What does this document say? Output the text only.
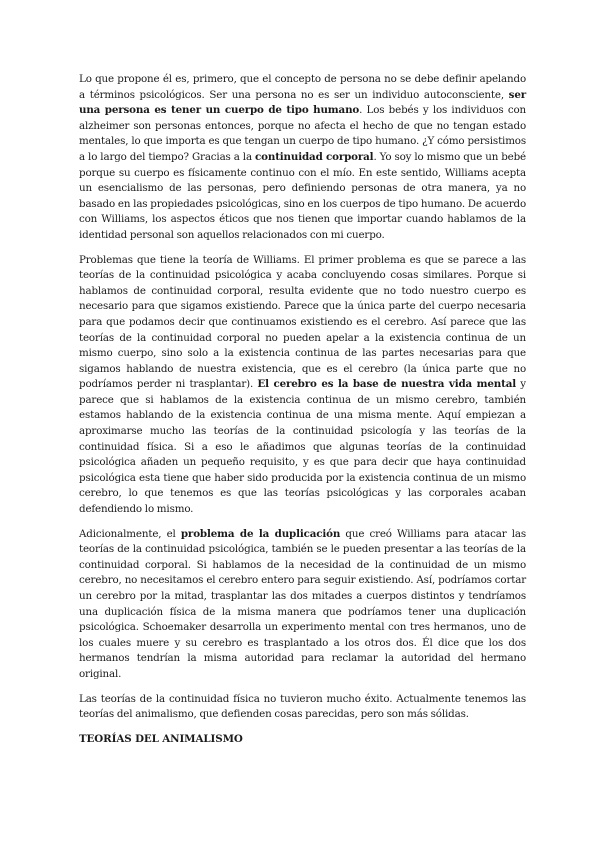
Lo que propone él es, primero, que el concepto de persona no se debe definir apelando a términos psicológicos. Ser una persona no es ser un individuo autoconsciente, ser una persona es tener un cuerpo de tipo humano. Los bebés y los individuos con alzheimer son personas entonces, porque no afecta el hecho de que no tengan estado mentales, lo que importa es que tengan un cuerpo de tipo humano. ¿Y cómo persistimos a lo largo del tiempo? Gracias a la continuidad corporal. Yo soy lo mismo que un bebé porque su cuerpo es físicamente continuo con el mío. En este sentido, Williams acepta un esencialismo de las personas, pero definiendo personas de otra manera, ya no basado en las propiedades psicológicas, sino en los cuerpos de tipo humano. De acuerdo con Williams, los aspectos éticos que nos tienen que importar cuando hablamos de la identidad personal son aquellos relacionados con mi cuerpo.

Problemas que tiene la teoría de Williams. El primer problema es que se parece a las teorías de la continuidad psicológica y acaba concluyendo cosas similares. Porque si hablamos de continuidad corporal, resulta evidente que no todo nuestro cuerpo es necesario para que sigamos existiendo. Parece que la única parte del cuerpo necesaria para que podamos decir que continuamos existiendo es el cerebro. Así parece que las teorías de la continuidad corporal no pueden apelar a la existencia continua de un mismo cuerpo, sino solo a la existencia continua de las partes necesarias para que sigamos hablando de nuestra existencia, que es el cerebro (la única parte que no podríamos perder ni trasplantar). El cerebro es la base de nuestra vida mental y parece que si hablamos de la existencia continua de un mismo cerebro, también estamos hablando de la existencia continua de una misma mente. Aquí empiezan a aproximarse mucho las teorías de la continuidad psicología y las teorías de la continuidad física. Si a eso le añadimos que algunas teorías de la continuidad psicológica añaden un pequeño requisito, y es que para decir que haya continuidad psicológica esta tiene que haber sido producida por la existencia continua de un mismo cerebro, lo que tenemos es que las teorías psicológicas y las corporales acaban defendiendo lo mismo.

Adicionalmente, el problema de la duplicación que creó Williams para atacar las teorías de la continuidad psicológica, también se le pueden presentar a las teorías de la continuidad corporal. Si hablamos de la necesidad de la continuidad de un mismo cerebro, no necesitamos el cerebro entero para seguir existiendo. Así, podríamos cortar un cerebro por la mitad, trasplantar las dos mitades a cuerpos distintos y tendríamos una duplicación física de la misma manera que podríamos tener una duplicación psicológica. Schoemaker desarrolla un experimento mental con tres hermanos, uno de los cuales muere y su cerebro es trasplantado a los otros dos. Él dice que los dos hermanos tendrían la misma autoridad para reclamar la autoridad del hermano original.

Las teorías de la continuidad física no tuvieron mucho éxito. Actualmente tenemos las teorías del animalismo, que defienden cosas parecidas, pero son más sólidas.

TEORÍAS DEL ANIMALISMO
